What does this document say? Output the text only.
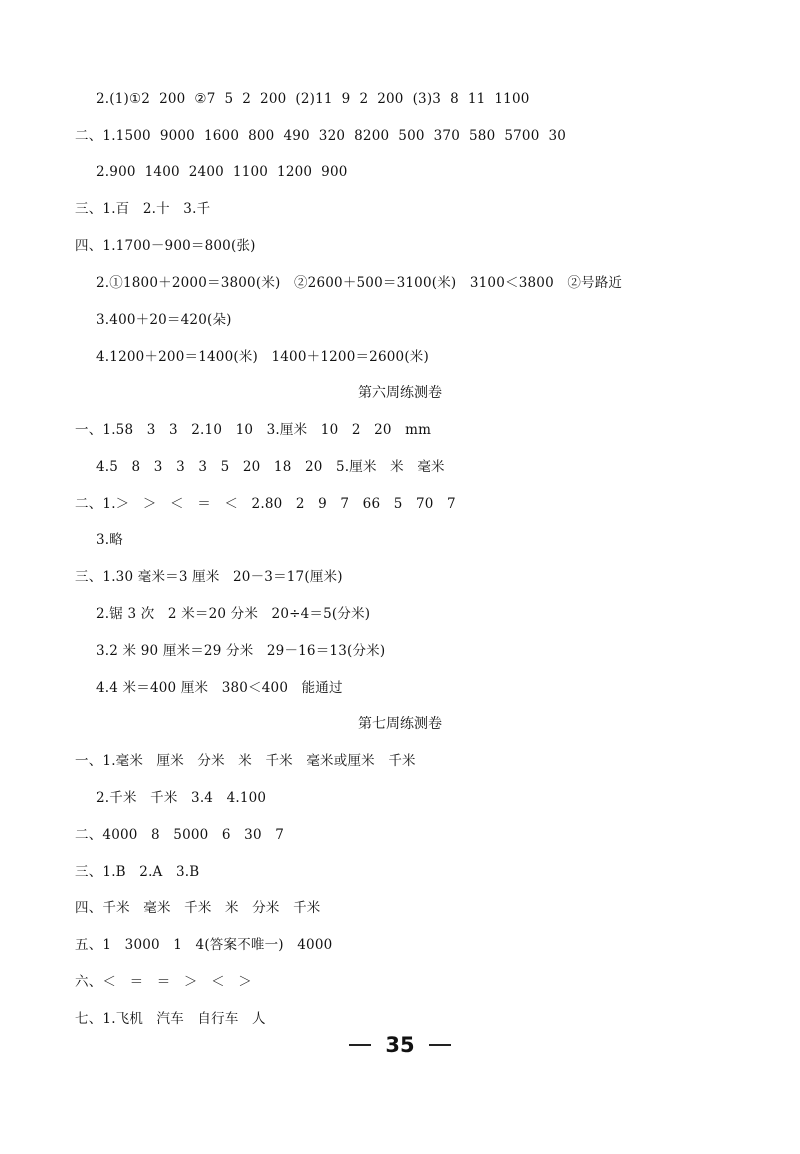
2.(1)①2  200  ②7  5  2  200  (2)11  9  2  200  (3)3  8  11  1100
二、1.1500  9000  1600  800  490  320  8200  500  370  580  5700  30
2.900  1400  2400  1100  1200  900
三、1.百   2.十   3.千
四、1.1700－900＝800(张)
2.①1800＋2000＝3800(米)   ②2600＋500＝3100(米)   3100＜3800   ②号路近
3.400＋20＝420(朵)
4.1200＋200＝1400(米)   1400＋1200＝2600(米)
第六周练测卷
一、1.58   3   3   2.10   10   3.厘米   10   2   20   mm
4.5   8   3   3   3   5   20   18   20   5.厘米   米   毫米
二、1.＞   ＞   ＜   ＝   ＜   2.80   2   9   7   66   5   70   7
3.略
三、1.30 毫米＝3 厘米   20－3＝17(厘米)
2.锯 3 次   2 米＝20 分米   20÷4＝5(分米)
3.2 米 90 厘米＝29 分米   29－16＝13(分米)
4.4 米＝400 厘米   380＜400   能通过
第七周练测卷
一、1.毫米   厘米   分米   米   千米   毫米或厘米   千米
2.千米   千米   3.4   4.100
二、4000   8   5000   6   30   7
三、1.B   2.A   3.B
四、千米   毫米   千米   米   分米   千米
五、1   3000   1   4(答案不唯一)   4000
六、＜   ＝   ＝   ＞   ＜   ＞
七、1.飞机   汽车   自行车   人
35
